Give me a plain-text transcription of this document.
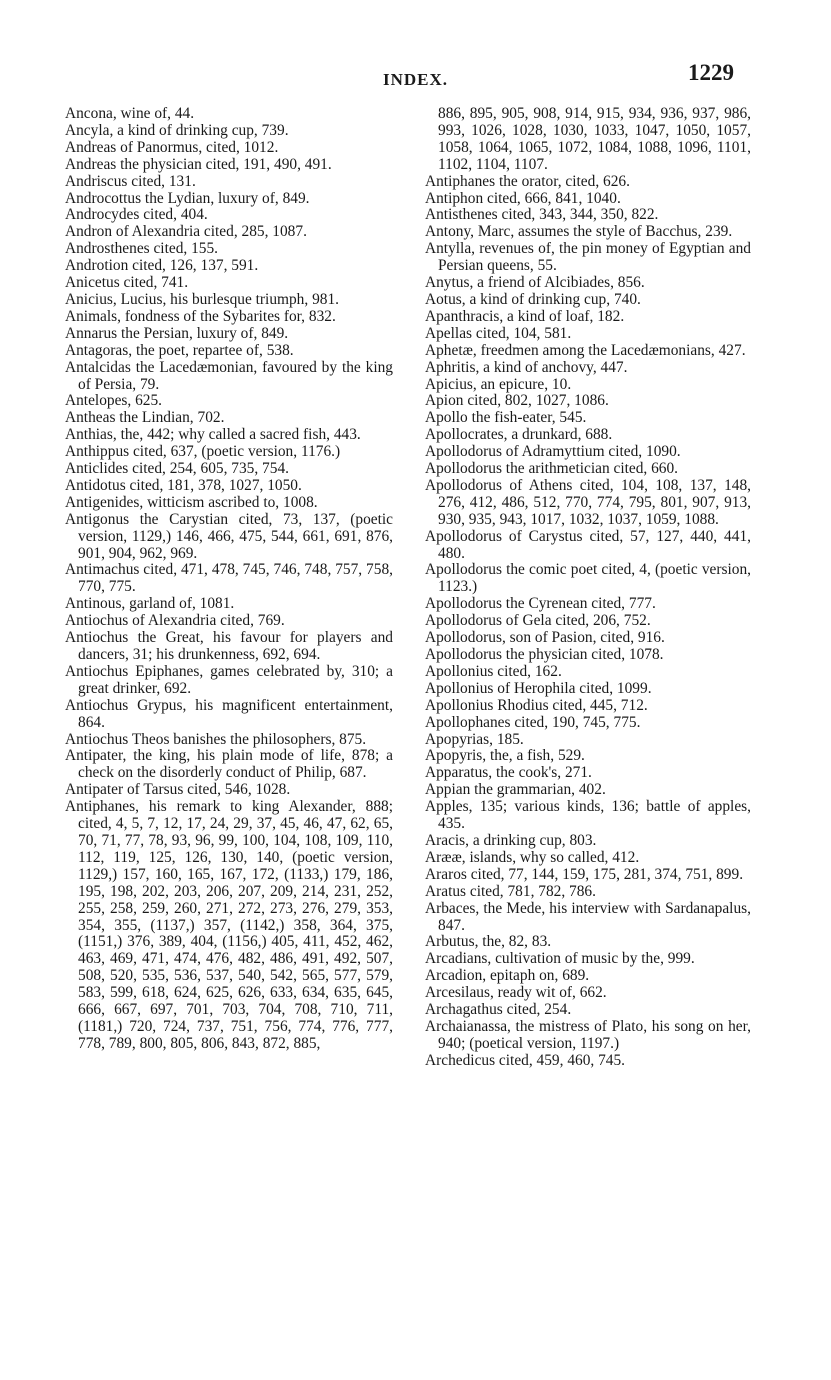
INDEX.	1229

Ancona, wine of, 44.

Ancyla, a kind of drinking cup, 739.

Andreas of Panormus, cited, 1012.

Andreas the physician cited, 191, 490, 491.

Andriscus cited, 131.

Androcottus the Lydian, luxury of, 849.

Androcydes cited, 404.

Andron of Alexandria cited, 285, 1087.

Androsthenes cited, 155.

Androtion cited, 126, 137, 591.

Anicetus cited, 741.

Anicius, Lucius, his burlesque triumph, 981.

Animals, fondness of the Sybarites for, 832.

Annarus the Persian, luxury of, 849.

Antagoras, the poet, repartee of, 538.

Antalcidas the Lacedæmonian, favoured by the king of Persia, 79.

Antelopes, 625.

Antheas the Lindian, 702.

Anthias, the, 442; why called a sacred fish, 443.

Anthippus cited, 637, (poetic version, 1176.)

Anticlides cited, 254, 605, 735, 754.

Antidotus cited, 181, 378, 1027, 1050.

Antigenides, witticism ascribed to, 1008.

Antigonus the Carystian cited, 73, 137, (poetic version, 1129,) 146, 466, 475, 544, 661, 691, 876, 901, 904, 962, 969.

Antimachus cited, 471, 478, 745, 746, 748, 757, 758, 770, 775.

Antinous, garland of, 1081.

Antiochus of Alexandria cited, 769.

Antiochus the Great, his favour for players and dancers, 31; his drunkenness, 692, 694.

Antiochus Epiphanes, games celebrated by, 310; a great drinker, 692.

Antiochus Grypus, his magnificent entertainment, 864.

Antiochus Theos banishes the philosophers, 875.

Antipater, the king, his plain mode of life, 878; a check on the disorderly conduct of Philip, 687.

Antipater of Tarsus cited, 546, 1028.

Antiphanes, his remark to king Alexander, 888; cited, 4, 5, 7, 12, 17, 24, 29, 37, 45, 46, 47, 62, 65, 70, 71, 77, 78, 93, 96, 99, 100, 104, 108, 109, 110, 112, 119, 125, 126, 130, 140, (poetic version, 1129,) 157, 160, 165, 167, 172, (1133,) 179, 186, 195, 198, 202, 203, 206, 207, 209, 214, 231, 252, 255, 258, 259, 260, 271, 272, 273, 276, 279, 353, 354, 355, (1137,) 357, (1142,) 358, 364, 375, (1151,) 376, 389, 404, (1156,) 405, 411, 452, 462, 463, 469, 471, 474, 476, 482, 486, 491, 492, 507, 508, 520, 535, 536, 537, 540, 542, 565, 577, 579, 583, 599, 618, 624, 625, 626, 633, 634, 635, 645, 666, 667, 697, 701, 703, 704, 708, 710, 711, (1181,) 720, 724, 737, 751, 756, 774, 776, 777, 778, 789, 800, 805, 806, 843, 872, 885,

886, 895, 905, 908, 914, 915, 934, 936, 937, 986, 993, 1026, 1028, 1030, 1033, 1047, 1050, 1057, 1058, 1064, 1065, 1072, 1084, 1088, 1096, 1101, 1102, 1104, 1107.

Antiphanes the orator, cited, 626.

Antiphon cited, 666, 841, 1040.

Antisthenes cited, 343, 344, 350, 822.

Antony, Marc, assumes the style of Bacchus, 239.

Antylla, revenues of, the pin money of Egyptian and Persian queens, 55.

Anytus, a friend of Alcibiades, 856.

Aotus, a kind of drinking cup, 740.

Apanthracis, a kind of loaf, 182.

Apellas cited, 104, 581.

Aphetæ, freedmen among the Lacedæmonians, 427.

Aphritis, a kind of anchovy, 447.

Apicius, an epicure, 10.

Apion cited, 802, 1027, 1086.

Apollo the fish-eater, 545.

Apollocrates, a drunkard, 688.

Apollodorus of Adramyttium cited, 1090.

Apollodorus the arithmetician cited, 660.

Apollodorus of Athens cited, 104, 108, 137, 148, 276, 412, 486, 512, 770, 774, 795, 801, 907, 913, 930, 935, 943, 1017, 1032, 1037, 1059, 1088.

Apollodorus of Carystus cited, 57, 127, 440, 441, 480.

Apollodorus the comic poet cited, 4, (poetic version, 1123.)

Apollodorus the Cyrenean cited, 777.

Apollodorus of Gela cited, 206, 752.

Apollodorus, son of Pasion, cited, 916.

Apollodorus the physician cited, 1078.

Apollonius cited, 162.

Apollonius of Herophila cited, 1099.

Apollonius Rhodius cited, 445, 712.

Apollophanes cited, 190, 745, 775.

Apopyrias, 185.

Apopyris, the, a fish, 529.

Apparatus, the cook's, 271.

Appian the grammarian, 402.

Apples, 135; various kinds, 136; battle of apples, 435.

Aracis, a drinking cup, 803.

Arææ, islands, why so called, 412.

Araros cited, 77, 144, 159, 175, 281, 374, 751, 899.

Aratus cited, 781, 782, 786.

Arbaces, the Mede, his interview with Sardanapalus, 847.

Arbutus, the, 82, 83.

Arcadians, cultivation of music by the, 999.

Arcadion, epitaph on, 689.

Arcesilaus, ready wit of, 662.

Archagathus cited, 254.

Archaianassa, the mistress of Plato, his song on her, 940; (poetical version, 1197.)

Archedicus cited, 459, 460, 745.
